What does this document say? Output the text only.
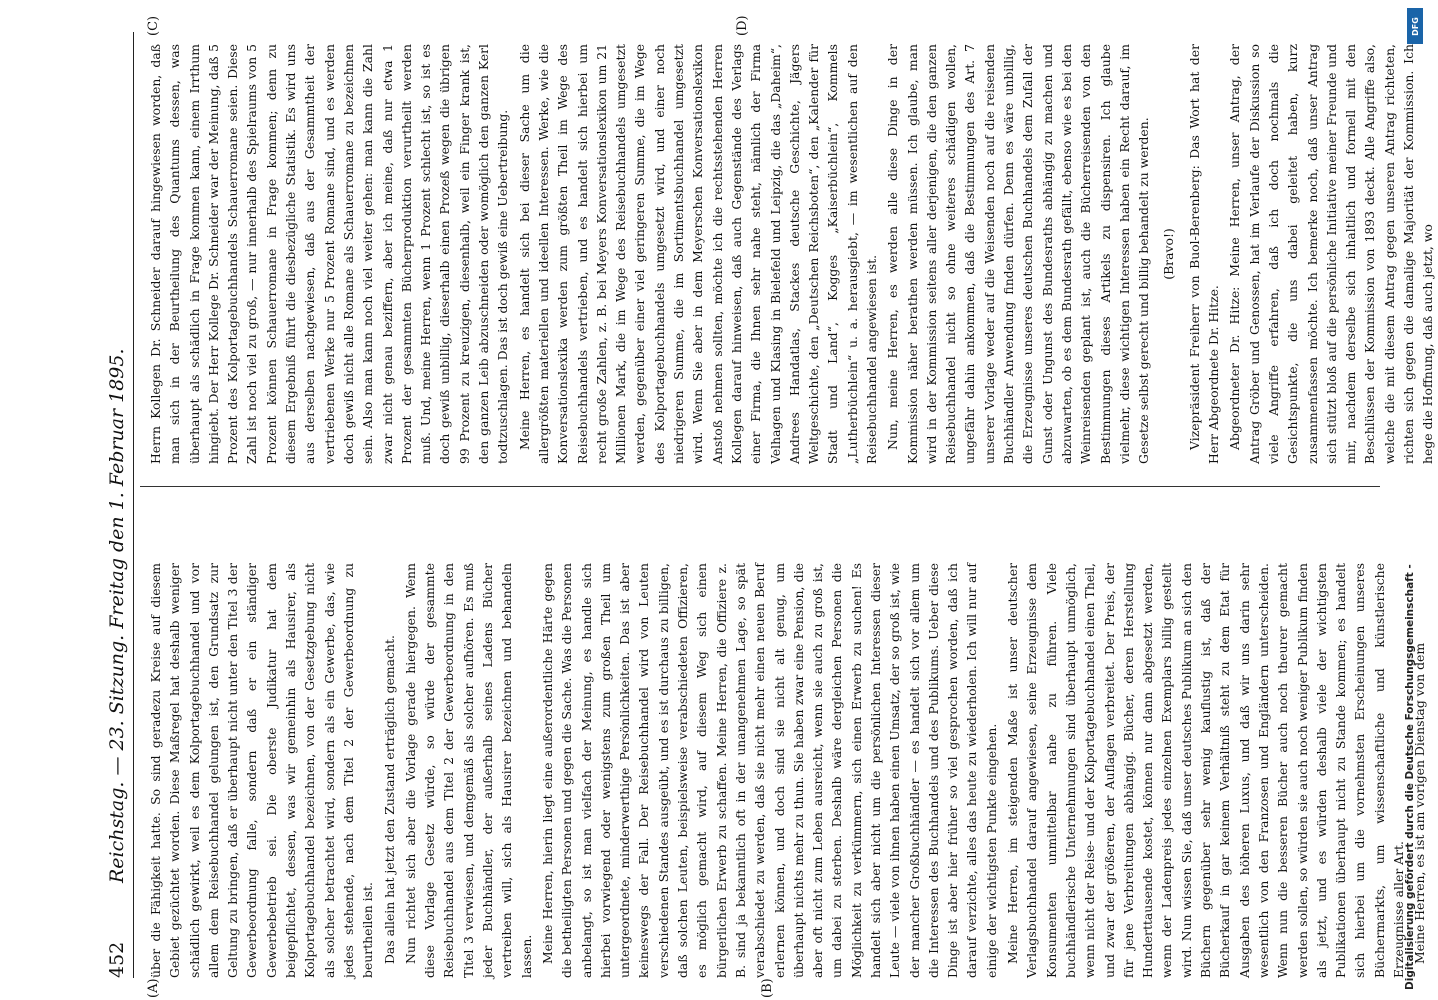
452
Reichstag. — 23. Sitzung. Freitag den 1. Februar 1895. über die Fähigkeit hatte. So sind geradezu Kreise auf diesem Gebiet gezüchtet worden. Diese Maßregel hat deshalb weniger schädlich gewirkt, weil es dem Kolportagebuchhandel und vor allem dem Reisebuchhandel gelungen ist, den Grundsatz zur Geltung zu bringen, daß er überhaupt nicht unter den Titel 3 der Gewerbeordnung falle, sondern daß er ein ständiger Gewerbebetrieb sei. Die oberste Judikatur hat dem beigepflichtet, dessen, was wir gemeinhin als Hausirer, als Kolportagebuchhandel bezeichnen, von der Gesetzgebung nicht als solcher betrachtet wird, sondern als ein Gewerbe, das, wie jedes stehende, nach dem Titel 2 der Gewerbeordnung zu beurtheilen ist. Das allein hat jetzt den Zustand erträglich gemacht. Nun richtet sich aber die Vorlage gerade hiergegen. Wenn diese Vorlage Gesetz würde, so würde der gesammte Reisebuchhandel aus dem Titel 2 der Gewerbeordnung in den Titel 3 verwiesen, und demgemäß als solcher aufhören. Es muß jeder Buchhändler, der außerhalb seines Ladens Bücher vertreiben will, sich als Hausirer bezeichnen und behandeln lassen. Meine Herren, hierin liegt eine außerordentliche Härte gegen die betheiligten Personen und gegen die Sache. Was die Personen anbelangt, so ist man vielfach der Meinung, es handle sich hierbei vorwiegend oder wenigstens zum großen Theil um untergeordnete, minderwerthige Persönlichkeiten. Das ist aber keineswegs der Fall. Der Reisebuchhandel wird von Leuten verschiedenen Standes ausgeübt, und es ist durchaus zu billigen, daß solchen Leuten, beispielsweise verabschiedeten Offizieren, es möglich gemacht wird, auf diesem Weg sich einen bürgerlichen Erwerb zu schaffen. Meine Herren, die Offiziere z. B. sind ja bekanntlich oft in der unangenehmen Lage, so spät verabschiedet zu werden, daß sie nicht mehr einen neuen Beruf erlernen können, und doch sind sie nicht alt genug, um überhaupt nichts mehr zu thun. Sie haben zwar eine Pension, die aber oft nicht zum Leben ausreicht, wenn sie auch zu groß ist, um dabei zu sterben. Deshalb wäre dergleichen Personen die Möglichkeit zu verkümmern, sich einen Erwerb zu suchen! Es handelt sich aber nicht um die persönlichen Interessen dieser Leute — viele von ihnen haben einen Umsatz, der so groß ist, wie der mancher Großbuchhändler — es handelt sich vor allem um die Interessen des Buchhandels und des Publikums. Ueber diese Dinge ist aber hier früher so viel gesprochen worden, daß ich darauf verzichte, alles das heute zu wiederholen. Ich will nur auf einige der wichtigsten Punkte eingehen. Meine Herren, im steigenden Maße ist unser deutscher Verlagsbuchhandel darauf angewiesen, seine Erzeugnisse dem Konsumenten unmittelbar nahe zu führen. Viele buchhändlerische Unternehmungen sind überhaupt unmöglich, wenn nicht der Reise- und der Kolportagebuchhandel einen Theil, und zwar der größeren, der Auflagen verbreitet. Der Preis, der für jene Verbreitungen abhängig. Bücher, deren Herstellung Hunderttausende kostet, können nur dann abgesetzt werden, wenn der Ladenpreis jedes einzelnen Exemplars billig gestellt wird. Nun wissen Sie, daß unser deutsches Publikum an sich den Büchern gegenüber sehr wenig kauflustig ist, daß der Bücherkauf in gar keinem Verhältniß steht zu dem Etat für Ausgaben des höheren Luxus, und daß wir uns darin sehr wesentlich von den Franzosen und Engländern unterscheiden. Wenn nun die besseren Bücher auch noch theurer gemacht werden sollen, so würden sie auch noch weniger Publikum finden als jetzt, und es würden deshalb viele der wichtigsten Publikationen überhaupt nicht zu Stande kommen; es handelt sich hierbei um die vornehmsten Erscheinungen unseres Büchermarkts, um wissenschaftliche und künstlerische Erzeugnisse aller Art. Meine Herren, es ist am vorigen Dienstag von dem

Herrn Kollegen Dr. Schneider darauf hingewiesen worden, daß man sich in der Beurtheilung des Quantums dessen, was überhaupt als schädlich in Frage kommen kann, einem Irrthum hingiebt. Der Herr Kollege Dr. Schneider war der Meinung, daß 5 Prozent des Kolportagebuchhandels Schauerromane seien. Diese Zahl ist noch viel zu groß, — nur innerhalb des Spielraums von 5 Prozent können Schauerromane in Frage kommen; denn zu diesem Ergebniß führt die diesbezügliche Statistik. Es wird uns aus derselben nachgewiesen, daß aus der Gesammtheit der vertriebenen Werke nur 5 Prozent Romane sind, und es werden doch gewiß nicht alle Romane als Schauerromane zu bezeichnen sein. Also man kann noch viel weiter gehen: man kann die Zahl zwar nicht genau beziffern, aber ich meine, daß nur etwa 1 Prozent der gesammten Bücherproduktion verurtheilt werden muß. Und, meine Herren, wenn 1 Prozent schlecht ist, so ist es doch gewiß unbillig, dieserhalb einen Prozeß wegen die übrigen 99 Prozent zu kreuzigen, diesenhalb, weil ein Finger krank ist, den ganzen Leib abzuschneiden oder womöglich den ganzen Kerl todtzuschlagen. Das ist doch gewiß eine Uebertreibung. Meine Herren, es handelt sich bei dieser Sache um die allergrößten materiellen und ideellen Interessen. Werke, wie die Konversationslexika werden zum größten Theil im Wege des Reisebuchhandels vertrieben, und es handelt sich hierbei um recht große Zahlen, z. B. bei Meyers Konversationslexikon um 21 Millionen Mark, die im Wege des Reisebuchhandels umgesetzt werden, gegenüber einer viel geringeren Summe, die im Wege des Kolportagebuchhandels umgesetzt wird, und einer noch niedrigeren Summe, die im Sortimentsbuchhandel umgesetzt wird. Wenn Sie aber in dem Meyerschen Konversationslexikon Anstoß nehmen sollten, möchte ich die rechtsstehenden Herren Kollegen darauf hinweisen, daß auch Gegenstände des Verlags einer Firma, die Ihnen sehr nahe steht, nämlich der Firma Velhagen und Klasing in Bielefeld und Leipzig, die das „Daheim“, Andrees Handatlas, Stackes deutsche Geschichte, Jägers Weltgeschichte, den „Deutschen Reichsboten“, den „Kalender für Stadt und Land“, Kogges „Kaiserbüchlein“, Kommels „Lutherbüchlein“ u. a. herausgiebt, — im wesentlichen auf den Reisebuchhandel angewiesen ist. Nun, meine Herren, es werden alle diese Dinge in der Kommission näher berathen werden müssen. Ich glaube, man wird in der Kommission seitens aller derjenigen, die den ganzen Reisebuchhandel nicht so ohne weiteres schädigen wollen, ungefähr dahin ankommen, daß die Bestimmungen des Art. 7 unserer Vorlage weder auf die Weisenden noch auf die reisenden Buchhändler Anwendung finden dürfen. Denn es wäre unbillig, die Erzeugnisse unseres deutschen Buchhandels dem Zufall der Gunst oder Ungunst des Bundesraths abhängig zu machen und abzuwarten, ob es dem Bundesrath gefällt, ebenso wie es bei den Weinreisenden geplant ist, auch die Bücherreisenden von den Bestimmungen dieses Artikels zu dispensiren. Ich glaube vielmehr, diese wichtigen Interessen haben ein Recht darauf, im Gesetze selbst gerecht und billig behandelt zu werden. (Bravo!) Vizepräsident Freiherr von Buol-Berenberg: Das Wort hat der Herr Abgeordnete Dr. Hitze. Abgeordneter Dr. Hitze: Meine Herren, unser Antrag, der Antrag Gröber und Genossen, hat im Verlaufe der Diskussion so viele Angriffe erfahren, daß ich doch nochmals die Gesichtspunkte, die uns dabei geleitet haben, kurz zusammenfassen möchte. Ich bemerke noch, daß unser Antrag sich stützt bloß auf die persönliche Initiative meiner Freunde und mir, nachdem derselbe sich inhaltlich und formell mit den Beschlüssen der Kommission von 1893 deckt. Alle Angriffe also, welche die mit diesem Antrag gegen unseren Antrag richteten, richten sich gegen die damalige Majorität der Kommission. Ich hege die Hoffnung, daß auch jetzt, wo

(A)	(B)
(C)	(D)
Digitalisierung gefördert durch die Deutsche Forschungsgemeinschaft -
DFG
